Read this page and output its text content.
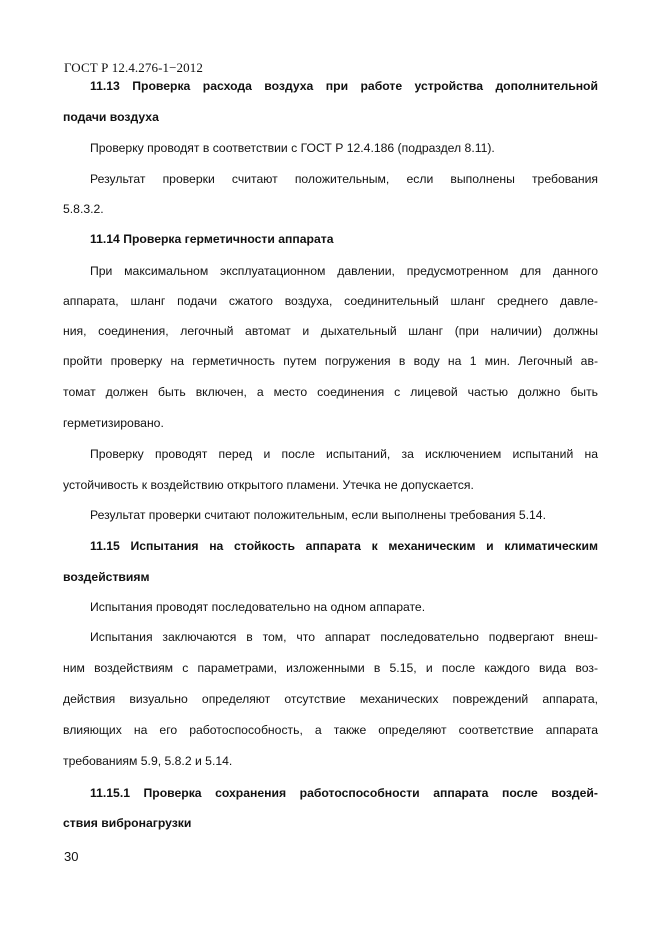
ГОСТ Р 12.4.276-1−2012
11.13 Проверка расхода воздуха при работе устройства дополнительной
подачи воздуха
Проверку проводят в соответствии с ГОСТ Р 12.4.186 (подраздел 8.11).
Результат проверки считают положительным, если выполнены требования
5.8.3.2.
11.14 Проверка герметичности аппарата
При максимальном эксплуатационном давлении, предусмотренном для данного
аппарата, шланг подачи сжатого воздуха, соединительный шланг среднего давле-
ния, соединения, легочный автомат и дыхательный шланг (при наличии) должны
пройти проверку на герметичность путем погружения в воду на 1 мин. Легочный ав-
томат должен быть включен, а место соединения с лицевой частью должно быть
герметизировано.
Проверку проводят перед и после испытаний, за исключением испытаний на
устойчивость к воздействию открытого пламени. Утечка не допускается.
Результат проверки считают положительным, если выполнены требования 5.14.
11.15 Испытания на стойкость аппарата к механическим и климатическим
воздействиям
Испытания проводят последовательно на одном аппарате.
Испытания заключаются в том, что аппарат последовательно подвергают внеш-
ним воздействиям с параметрами, изложенными в 5.15, и после каждого вида воз-
действия визуально определяют отсутствие механических повреждений аппарата,
влияющих на его работоспособность, а также определяют соответствие аппарата
требованиям 5.9, 5.8.2 и 5.14.
11.15.1 Проверка сохранения работоспособности аппарата после воздей-
ствия вибронагрузки
30
